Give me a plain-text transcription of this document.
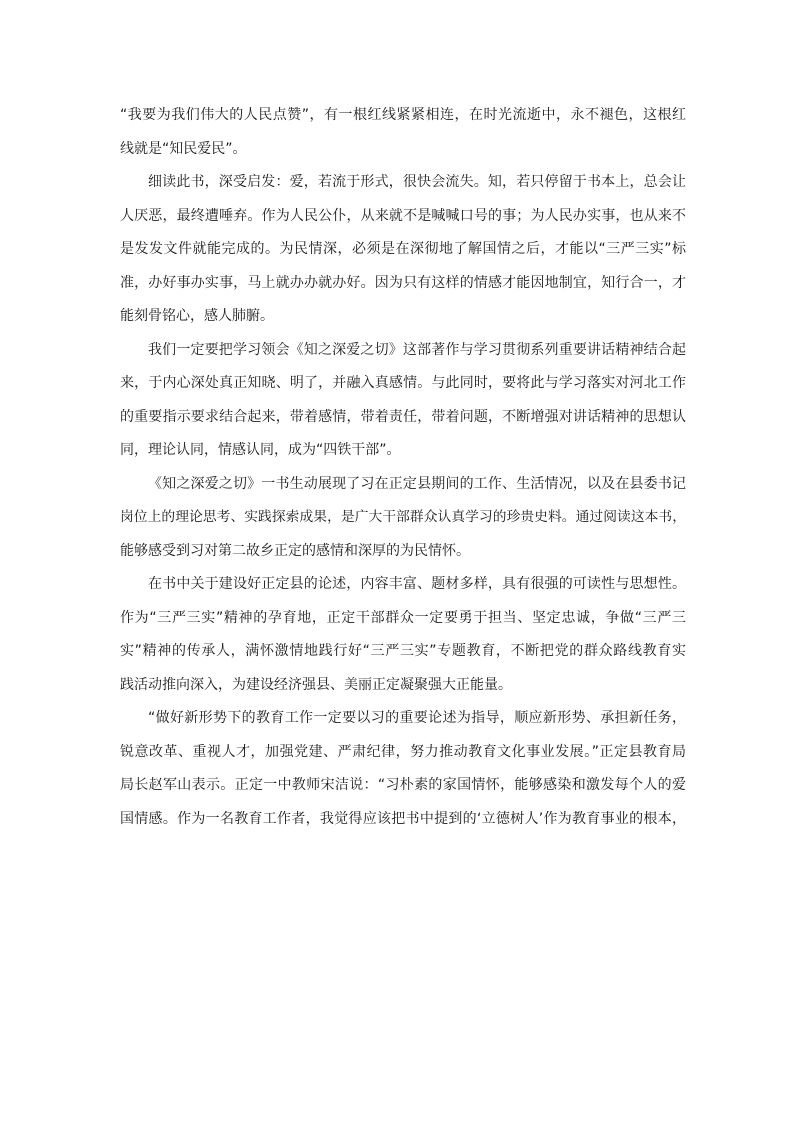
“我要为我们伟大的人民点赞”，有一根红线紧紧相连，在时光流逝中，永不褪色，这根红
线就是“知民爱民”。
细读此书，深受启发：爱，若流于形式，很快会流失。知，若只停留于书本上，总会让
人厌恶，最终遭唾弃。作为人民公仆，从来就不是喊喊口号的事；为人民办实事，也从来不
是发发文件就能完成的。为民情深，必须是在深彻地了解国情之后，才能以“三严三实”标
准，办好事办实事，马上就办办就办好。因为只有这样的情感才能因地制宜，知行合一，才
能刻骨铭心，感人肺腑。
我们一定要把学习领会《知之深爱之切》这部著作与学习贯彻系列重要讲话精神结合起
来，于内心深处真正知晓、明了，并融入真感情。与此同时，要将此与学习落实对河北工作
的重要指示要求结合起来，带着感情，带着责任，带着问题，不断增强对讲话精神的思想认
同，理论认同，情感认同，成为“四铁干部”。
《知之深爱之切》一书生动展现了习在正定县期间的工作、生活情况，以及在县委书记
岗位上的理论思考、实践探索成果，是广大干部群众认真学习的珍贵史料。通过阅读这本书，
能够感受到习对第二故乡正定的感情和深厚的为民情怀。
在书中关于建设好正定县的论述，内容丰富、题材多样，具有很强的可读性与思想性。
作为“三严三实”精神的孕育地，正定干部群众一定要勇于担当、坚定忠诚，争做“三严三
实”精神的传承人，满怀激情地践行好“三严三实”专题教育，不断把党的群众路线教育实
践活动推向深入，为建设经济强县、美丽正定凝聚强大正能量。
“做好新形势下的教育工作一定要以习的重要论述为指导，顺应新形势、承担新任务，
锐意改革、重视人才，加强党建、严肃纪律，努力推动教育文化事业发展。”正定县教育局
局长赵军山表示。正定一中教师宋洁说：“习朴素的家国情怀，能够感染和激发每个人的爱
国情感。作为一名教育工作者，我觉得应该把书中提到的‘立德树人’作为教育事业的根本，
